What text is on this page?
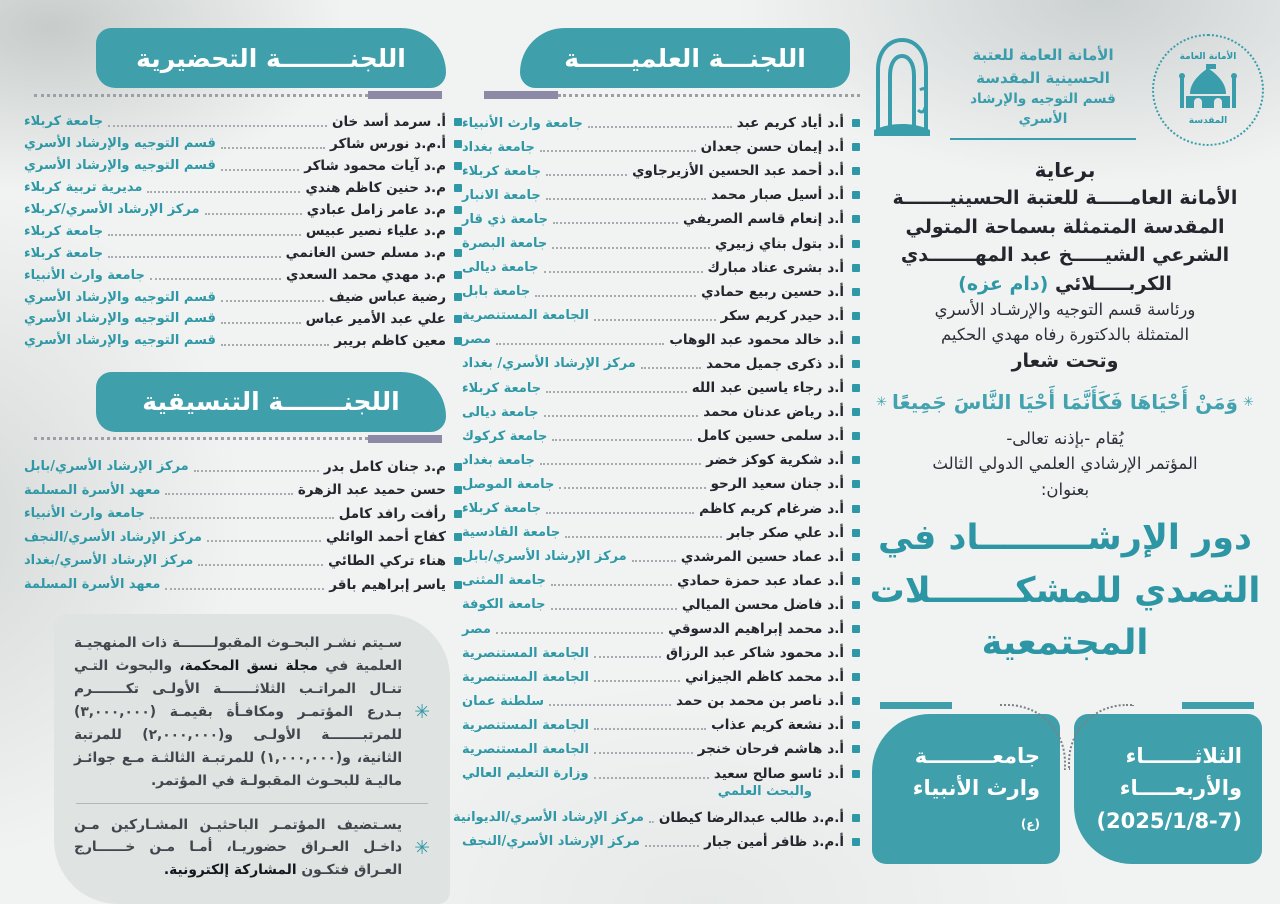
الأمانة العامة
المقدسة
الأمانة العامة للعتبة الحسينية المقدسة
قسم التوجيه والإرشاد الأسري
برعاية
الأمانة العامـــــة للعتبة الحسينيـــــــة
المقدسة المتمثلة بسماحة المتولي
الشرعي الشيـــــخ عبد المهـــــــدي
الكربـــــلائي (دام عزه)
ورئاسة قسم التوجيه والإرشـاد الأسري
المتمثلة بالدكتورة رفاه مهدي الحكيم
وتحت شعار
✳وَمَنْ أَحْيَاهَا فَكَأَنَّمَا أَحْيَا النَّاسَ جَمِيعًا✳
يُقام -بإذنه تعالى-
المؤتمر الإرشادي العلمي الدولي الثالث
بعنوان:
دور الإرشـــــــــاد في
التصدي للمشكـــــــلات
المجتمعية
الثلاثـــــــاء
والأربعـــــاء
(2025/1/8-7)
جامعـــــــــة
وارث الأنبياء (ع)
اللجنـــة العلميــــــة
أ.د
أياد كريم عبد
جامعة وارث الأنبياء
أ.د
إيمان حسن جعدان
جامعة بغداد
أ.د
أحمد عبد الحسين الأزيرجاوي
جامعة كربلاء
أ.د
أسيل صبار محمد
جامعة الانبار
أ.د
إنعام قاسم الصريفي
جامعة ذي قار
أ.د
بتول بناي زبيري
جامعة البصرة
أ.د
بشرى عناد مبارك
جامعة ديالى
أ.د
حسين ربيع حمادي
جامعة بابل
أ.د
حيدر كريم سكر
الجامعة المستنصرية
أ.د
خالد محمود عبد الوهاب
مصر
أ.د
ذكرى جميل محمد
مركز الإرشاد الأسري/ بغداد
أ.د
رجاء ياسين عبد الله
جامعة كربلاء
أ.د
رياض عدنان محمد
جامعة ديالى
أ.د
سلمى حسين كامل
جامعة كركوك
أ.د
شكرية كوكز خضر
جامعة بغداد
أ.د
جنان سعيد الرحو
جامعة الموصل
أ.د
ضرغام كريم كاظم
جامعة كربلاء
أ.د
علي صكر جابر
جامعة القادسية
أ.د
عماد حسين المرشدي
مركز الإرشاد الأسري/بابل
أ.د
عماد عبد حمزة حمادي
جامعة المثنى
أ.د
فاضل محسن الميالي
جامعة الكوفة
أ.د
محمد إبراهيم الدسوقي
مصر
أ.د
محمود شاكر عبد الرزاق
الجامعة المستنصرية
أ.د
محمد كاظم الجيزاني
الجامعة المستنصرية
أ.د
ناصر بن محمد بن حمد
سلطنة عمان
أ.د
نشعة كريم عذاب
الجامعة المستنصرية
أ.د
هاشم فرحان خنجر
الجامعة المستنصرية
أ.د
ئاسو صالح سعيد
وزارة التعليم العالي
والبحث العلمي
أ.م.د
طالب عبدالرضا كيطان
مركز الإرشاد الأسري/الديوانية
أ.م.د
ظافر أمين جبار
مركز الإرشاد الأسري/النجف
اللجنــــــــة التحضيرية
أ.
سرمد أسد خان
جامعة كربلاء
أ.م.د
نورس شاكر
قسم التوجيه والإرشاد الأسري
م.د
آيات محمود شاكر
قسم التوجيه والإرشاد الأسري
م.د
حنين كاظم هندي
مديرية تربية كربلاء
م.د
عامر زامل عبادي
مركز الإرشاد الأسري/كربلاء
م.د
علياء نصير عبيس
جامعة كربلاء
م.د
مسلم حسن الغانمي
جامعة كربلاء
م.د
مهدي محمد السعدي
جامعة وارث الأنبياء
رضية عباس ضيف
قسم التوجيه والإرشاد الأسري
علي عبد الأمير عباس
قسم التوجيه والإرشاد الأسري
معين كاظم بريبر
قسم التوجيه والإرشاد الأسري
اللجنـــــــة التنسيقية
م.د
جنان كامل بدر
مركز الإرشاد الأسري/بابل
حسن حميد عبد الزهرة
معهد الأسرة المسلمة
رأفت رافد كامل
جامعة وارث الأنبياء
كفاح أحمد الوائلي
مركز الإرشاد الأسري/النجف
هناء تركي الطائي
مركز الإرشاد الأسري/بغداد
ياسر إبراهيم باقر
معهد الأسرة المسلمة
✳
سـيتم نشـر البحـوث المقبولـــــــة ذات المنهجيـة العلمية في مجلة نسق المحكمة، والبحوث التـي تنـال المراتـب الثلاثـــــــة الأولـى تكـــــــرم بـدرع المؤتمـر ومكافـأة بقيمـة (٣,٠٠٠,٠٠٠) للمرتبـــــــة الأولـى و(٢,٠٠٠,٠٠٠) للمرتبة الثانية، و(١,٠٠٠,٠٠٠) للمرتبـة الثالثـة مـع جوائـز ماليـة للبحـوث المقبولـة في المؤتمر.
✳
يسـتضيف المؤتمـر الباحثيـن المشـاركين مـن داخـل العـراق حضوريـا، أمـا مـن خــــــارج العـراق فتكـون المشاركة إلكترونية.
